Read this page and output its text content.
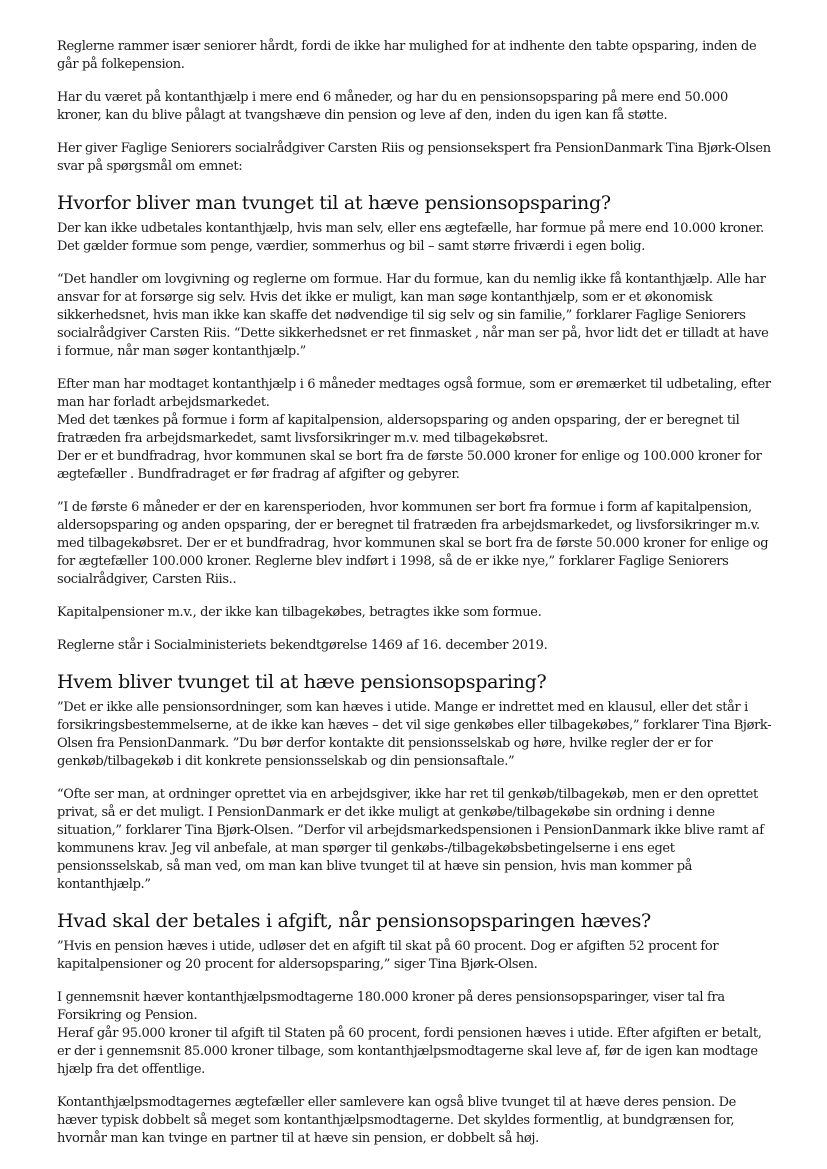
Reglerne rammer især seniorer hårdt, fordi de ikke har mulighed for at indhente den tabte opsparing, inden de går på folkepension.

Har du været på kontanthjælp i mere end 6 måneder, og har du en pensionsopsparing på mere end 50.000 kroner, kan du blive pålagt at tvangshæve din pension og leve af den, inden du igen kan få støtte.

Her giver Faglige Seniorers socialrådgiver Carsten Riis og pensionsekspert fra PensionDanmark Tina Bjørk-Olsen svar på spørgsmål om emnet:

Hvorfor bliver man tvunget til at hæve pensionsopsparing?

Der kan ikke udbetales kontanthjælp, hvis man selv, eller ens ægtefælle, har formue på mere end 10.000 kroner. Det gælder formue som penge, værdier, sommerhus og bil – samt større friværdi i egen bolig.

“Det handler om lovgivning og reglerne om formue. Har du formue, kan du nemlig ikke få kontanthjælp. Alle har ansvar for at forsørge sig selv. Hvis det ikke er muligt, kan man søge kontanthjælp, som er et økonomisk sikkerhedsnet, hvis man ikke kan skaffe det nødvendige til sig selv og sin familie,” forklarer Faglige Seniorers socialrådgiver Carsten Riis. “Dette sikkerhedsnet er ret finmasket , når man ser på, hvor lidt det er tilladt at have i formue, når man søger kontanthjælp.”

Efter man har modtaget kontanthjælp i 6 måneder medtages også formue, som er øremærket til udbetaling, efter man har forladt arbejdsmarkedet.
Med det tænkes på formue i form af kapitalpension, aldersopsparing og anden opsparing, der er beregnet til fratræden fra arbejdsmarkedet, samt livsforsikringer m.v. med tilbagekøbsret.
Der er et bundfradrag, hvor kommunen skal se bort fra de første 50.000 kroner for enlige og 100.000 kroner for ægtefæller . Bundfradraget er før fradrag af afgifter og gebyrer.

”I de første 6 måneder er der en karensperioden, hvor kommunen ser bort fra formue i form af kapitalpension, aldersopsparing og anden opsparing, der er beregnet til fratræden fra arbejdsmarkedet, og livsforsikringer m.v. med tilbagekøbsret. Der er et bundfradrag, hvor kommunen skal se bort fra de første 50.000 kroner for enlige og for ægtefæller 100.000 kroner. Reglerne blev indført i 1998, så de er ikke nye,” forklarer Faglige Seniorers socialrådgiver, Carsten Riis..

Kapitalpensioner m.v., der ikke kan tilbagekøbes, betragtes ikke som formue.

Reglerne står i Socialministeriets bekendtgørelse 1469 af 16. december 2019.

Hvem bliver tvunget til at hæve pensionsopsparing?

”Det er ikke alle pensionsordninger, som kan hæves i utide. Mange er indrettet med en klausul, eller det står i forsikringsbestemmelserne, at de ikke kan hæves – det vil sige genkøbes eller tilbagekøbes,” forklarer Tina Bjørk-Olsen fra PensionDanmark. ”Du bør derfor kontakte dit pensionsselskab og høre, hvilke regler der er for genkøb/tilbagekøb i dit konkrete pensionsselskab og din pensionsaftale.”

“Ofte ser man, at ordninger oprettet via en arbejdsgiver, ikke har ret til genkøb/tilbagekøb, men er den oprettet privat, så er det muligt. I PensionDanmark er det ikke muligt at genkøbe/tilbagekøbe sin ordning i denne situation,” forklarer Tina Bjørk-Olsen. ”Derfor vil arbejdsmarkedspensionen i PensionDanmark ikke blive ramt af kommunens krav. Jeg vil anbefale, at man spørger til genkøbs-/tilbagekøbsbetingelserne i ens eget pensionsselskab, så man ved, om man kan blive tvunget til at hæve sin pension, hvis man kommer på kontanthjælp.”

Hvad skal der betales i afgift, når pensionsopsparingen hæves?

”Hvis en pension hæves i utide, udløser det en afgift til skat på 60 procent. Dog er afgiften 52 procent for kapitalpensioner og 20 procent for aldersopsparing,” siger Tina Bjørk-Olsen.

I gennemsnit hæver kontanthjælpsmodtagerne 180.000 kroner på deres pensionsopsparinger, viser tal fra Forsikring og Pension.
Heraf går 95.000 kroner til afgift til Staten på 60 procent, fordi pensionen hæves i utide. Efter afgiften er betalt, er der i gennemsnit 85.000 kroner tilbage, som kontanthjælpsmodtagerne skal leve af, før de igen kan modtage hjælp fra det offentlige.

Kontanthjælpsmodtagernes ægtefæller eller samlevere kan også blive tvunget til at hæve deres pension. De hæver typisk dobbelt så meget som kontanthjælpsmodtagerne. Det skyldes formentlig, at bundgrænsen for, hvornår man kan tvinge en partner til at hæve sin pension, er dobbelt så høj.
